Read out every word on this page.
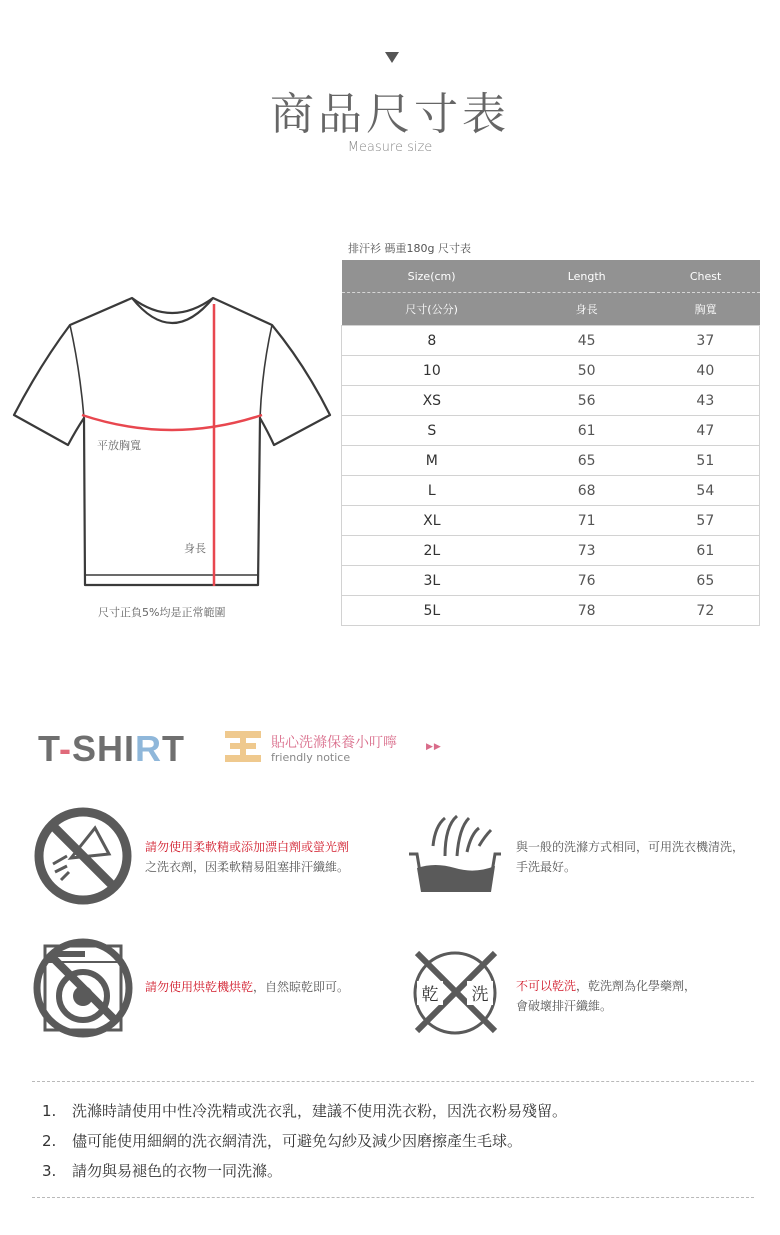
商品尺寸表
Measure size
平放胸寬
身長
尺寸正負5%均是正常範圍
排汗衫 碼重180g 尺寸表
Size(cm)	Length	Chest
尺寸(公分)	身長	胸寬
8	45	37
10	50	40
XS	56	43
S	61	47
M	65	51
L	68	54
XL	71	57
2L	73	61
3L	76	65
5L	78	72
T-SHIRT	貼心洗滌保養小叮嚀
friendly notice
▶▶
請勿使用柔軟精或添加漂白劑或螢光劑
之洗衣劑，因柔軟精易阻塞排汗纖維。
與一般的洗滌方式相同，可用洗衣機清洗，
手洗最好。
請勿使用烘乾機烘乾，自然晾乾即可。	乾 洗 不可以乾洗，乾洗劑為化學藥劑，
會破壞排汗纖維。
1. 洗滌時請使用中性冷洗精或洗衣乳，建議不使用洗衣粉，因洗衣粉易殘留。
2. 儘可能使用細網的洗衣網清洗，可避免勾紗及減少因磨擦產生毛球。
3. 請勿與易褪色的衣物一同洗滌。
